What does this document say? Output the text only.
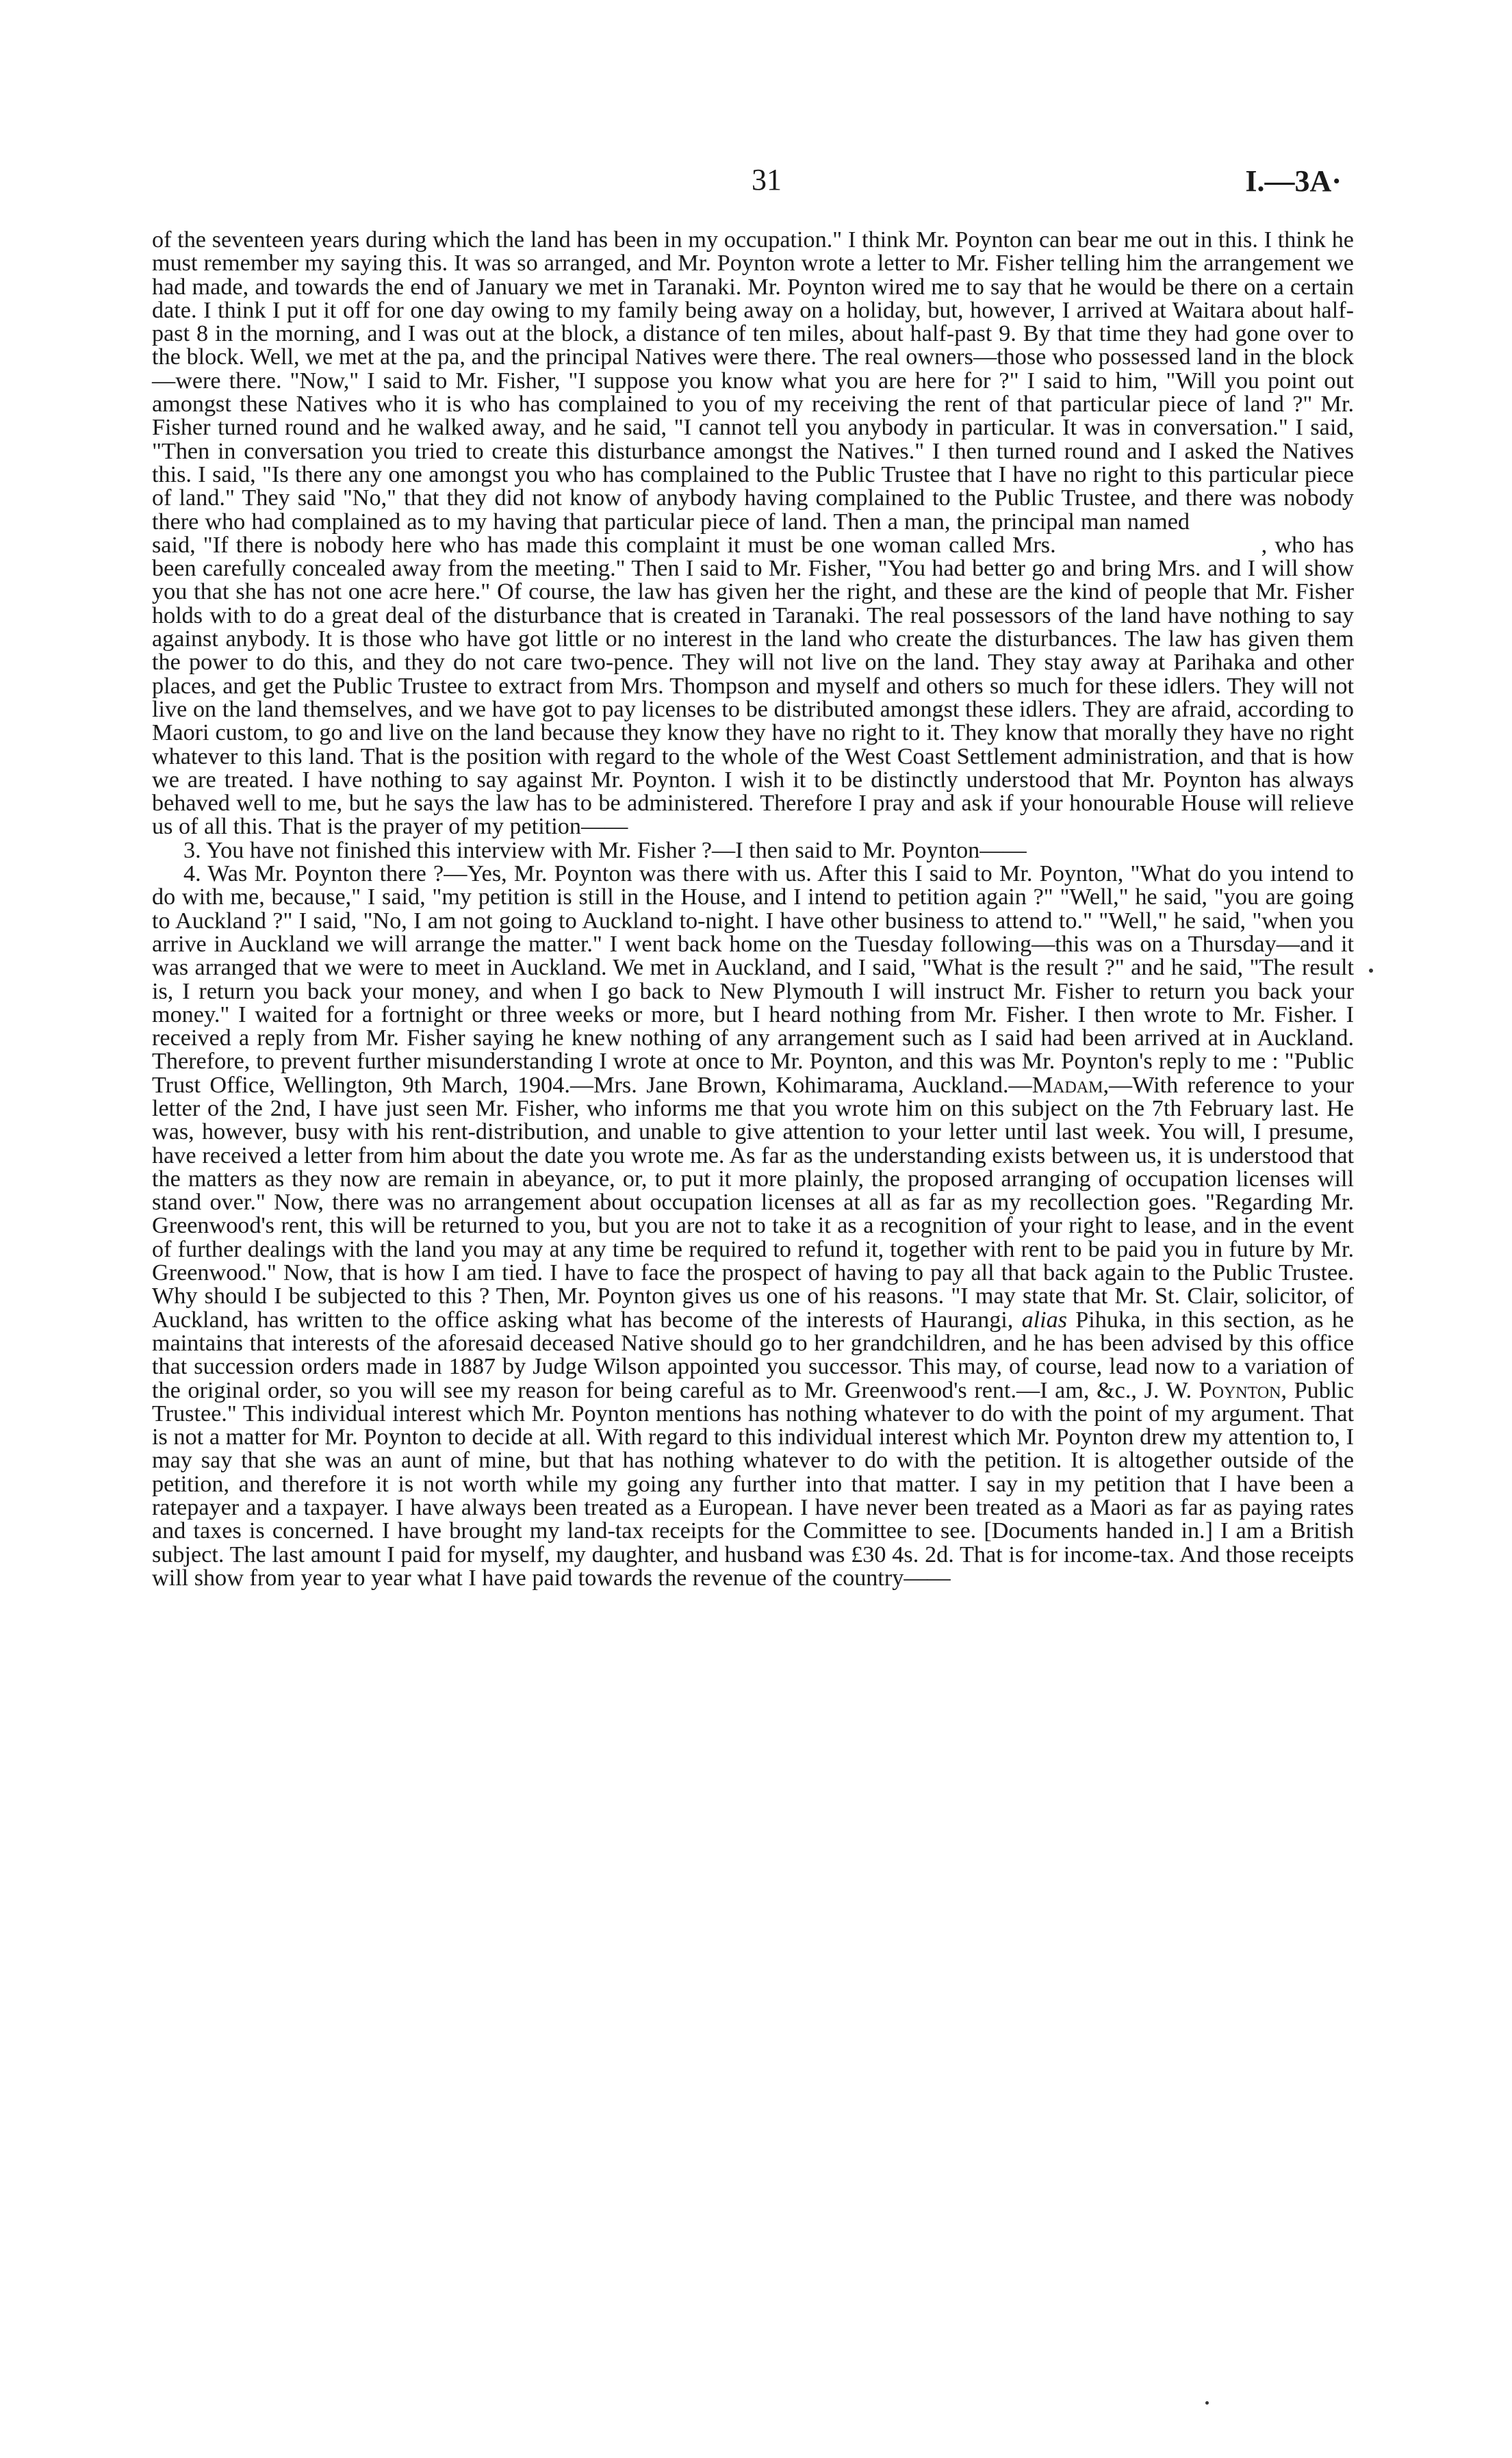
31	I.—3A·

of the seventeen years during which the land has been in my occupation." I think Mr. Poynton can bear me out in this. I think he must remember my saying this. It was so arranged, and Mr. Poynton wrote a letter to Mr. Fisher telling him the arrangement we had made, and towards the end of January we met in Taranaki. Mr. Poynton wired me to say that he would be there on a certain date. I think I put it off for one day owing to my family being away on a holiday, but, however, I arrived at Waitara about half-past 8 in the morning, and I was out at the block, a distance of ten miles, about half-past 9. By that time they had gone over to the block. Well, we met at the pa, and the principal Natives were there. The real owners—those who possessed land in the block—were there. "Now," I said to Mr. Fisher, "I suppose you know what you are here for ?" I said to him, "Will you point out amongst these Natives who it is who has complained to you of my receiving the rent of that particular piece of land ?" Mr. Fisher turned round and he walked away, and he said, "I cannot tell you anybody in particular. It was in conversation." I said, "Then in conversation you tried to create this disturbance amongst the Natives." I then turned round and I asked the Natives this. I said, "Is there any one amongst you who has complained to the Public Trustee that I have no right to this particular piece of land." They said "No," that they did not know of anybody having complained to the Public Trustee, and there was nobody there who had complained as to my having that particular piece of land. Then a man, the principal man namedsaid, "If there is nobody here who has made this complaint it must be one woman called Mrs.	, who has been carefully concealed away from the meeting." Then I said to Mr. Fisher, "You had better go and bring Mrs. and I will show you that she has not one acre here." Of course, the law has given her the right, and these are the kind of people that Mr. Fisher holds with to do a great deal of the disturbance that is created in Taranaki. The real possessors of the land have nothing to say against anybody. It is those who have got little or no interest in the land who create the disturbances. The law has given them the power to do this, and they do not care two-pence. They will not live on the land. They stay away at Parihaka and other places, and get the Public Trustee to extract from Mrs. Thompson and myself and others so much for these idlers. They will not live on the land themselves, and we have got to pay licenses to be distributed amongst these idlers. They are afraid, according to Maori custom, to go and live on the land because they know they have no right to it. They know that morally they have no right whatever to this land. That is the position with regard to the whole of the West Coast Settlement administration, and that is how we are treated. I have nothing to say against Mr. Poynton. I wish it to be distinctly understood that Mr. Poynton has always behaved well to me, but he says the law has to be administered. Therefore I pray and ask if your honourable House will relieve us of all this. That is the prayer of my petition——

3. You have not finished this interview with Mr. Fisher ?—I then said to Mr. Poynton——

4. Was Mr. Poynton there ?—Yes, Mr. Poynton was there with us. After this I said to Mr. Poynton, "What do you intend to do with me, because," I said, "my petition is still in the House, and I intend to petition again ?" "Well," he said, "you are going to Auckland ?" I said, "No, I am not going to Auckland to-night. I have other business to attend to." "Well," he said, "when you arrive in Auckland we will arrange the matter." I went back home on the Tuesday following—this was on a Thursday—and it was arranged that we were to meet in Auckland. We met in Auckland, and I said, "What is the result ?" and he said, "The result is, I return you back your money, and when I go back to New Plymouth I will instruct Mr. Fisher to return you back your money." I waited for a fortnight or three weeks or more, but I heard nothing from Mr. Fisher. I then wrote to Mr. Fisher. I received a reply from Mr. Fisher saying he knew nothing of any arrangement such as I said had been arrived at in Auckland. Therefore, to prevent further misunderstanding I wrote at once to Mr. Poynton, and this was Mr. Poynton's reply to me : "Public Trust Office, Wellington, 9th March, 1904.—Mrs. Jane Brown, Kohimarama, Auckland.—Madam,—With reference to your letter of the 2nd, I have just seen Mr. Fisher, who informs me that you wrote him on this subject on the 7th February last. He was, however, busy with his rent-distribution, and unable to give attention to your letter until last week. You will, I presume, have received a letter from him about the date you wrote me. As far as the understanding exists between us, it is understood that the matters as they now are remain in abeyance, or, to put it more plainly, the proposed arranging of occupation licenses will stand over." Now, there was no arrangement about occupation licenses at all as far as my recollection goes. "Regarding Mr. Greenwood's rent, this will be returned to you, but you are not to take it as a recognition of your right to lease, and in the event of further dealings with the land you may at any time be required to refund it, together with rent to be paid you in future by Mr. Greenwood." Now, that is how I am tied. I have to face the prospect of having to pay all that back again to the Public Trustee. Why should I be subjected to this ? Then, Mr. Poynton gives us one of his reasons. "I may state that Mr. St. Clair, solicitor, of Auckland, has written to the office asking what has become of the interests of Haurangi, alias Pihuka, in this section, as he maintains that interests of the aforesaid deceased Native should go to her grandchildren, and he has been advised by this office that succession orders made in 1887 by Judge Wilson appointed you successor. This may, of course, lead now to a variation of the original order, so you will see my reason for being careful as to Mr. Greenwood's rent.—I am, &c., J. W. Poynton, Public Trustee." This individual interest which Mr. Poynton mentions has nothing whatever to do with the point of my argument. That is not a matter for Mr. Poynton to decide at all. With regard to this individual interest which Mr. Poynton drew my attention to, I may say that she was an aunt of mine, but that has nothing whatever to do with the petition. It is altogether outside of the petition, and therefore it is not worth while my going any further into that matter. I say in my petition that I have been a ratepayer and a taxpayer. I have always been treated as a European. I have never been treated as a Maori as far as paying rates and taxes is concerned. I have brought my land-tax receipts for the Committee to see. [Documents handed in.] I am a British subject. The last amount I paid for myself, my daughter, and husband was £30 4s. 2d. That is for income-tax. And those receipts will show from year to year what I have paid towards the revenue of the country——
